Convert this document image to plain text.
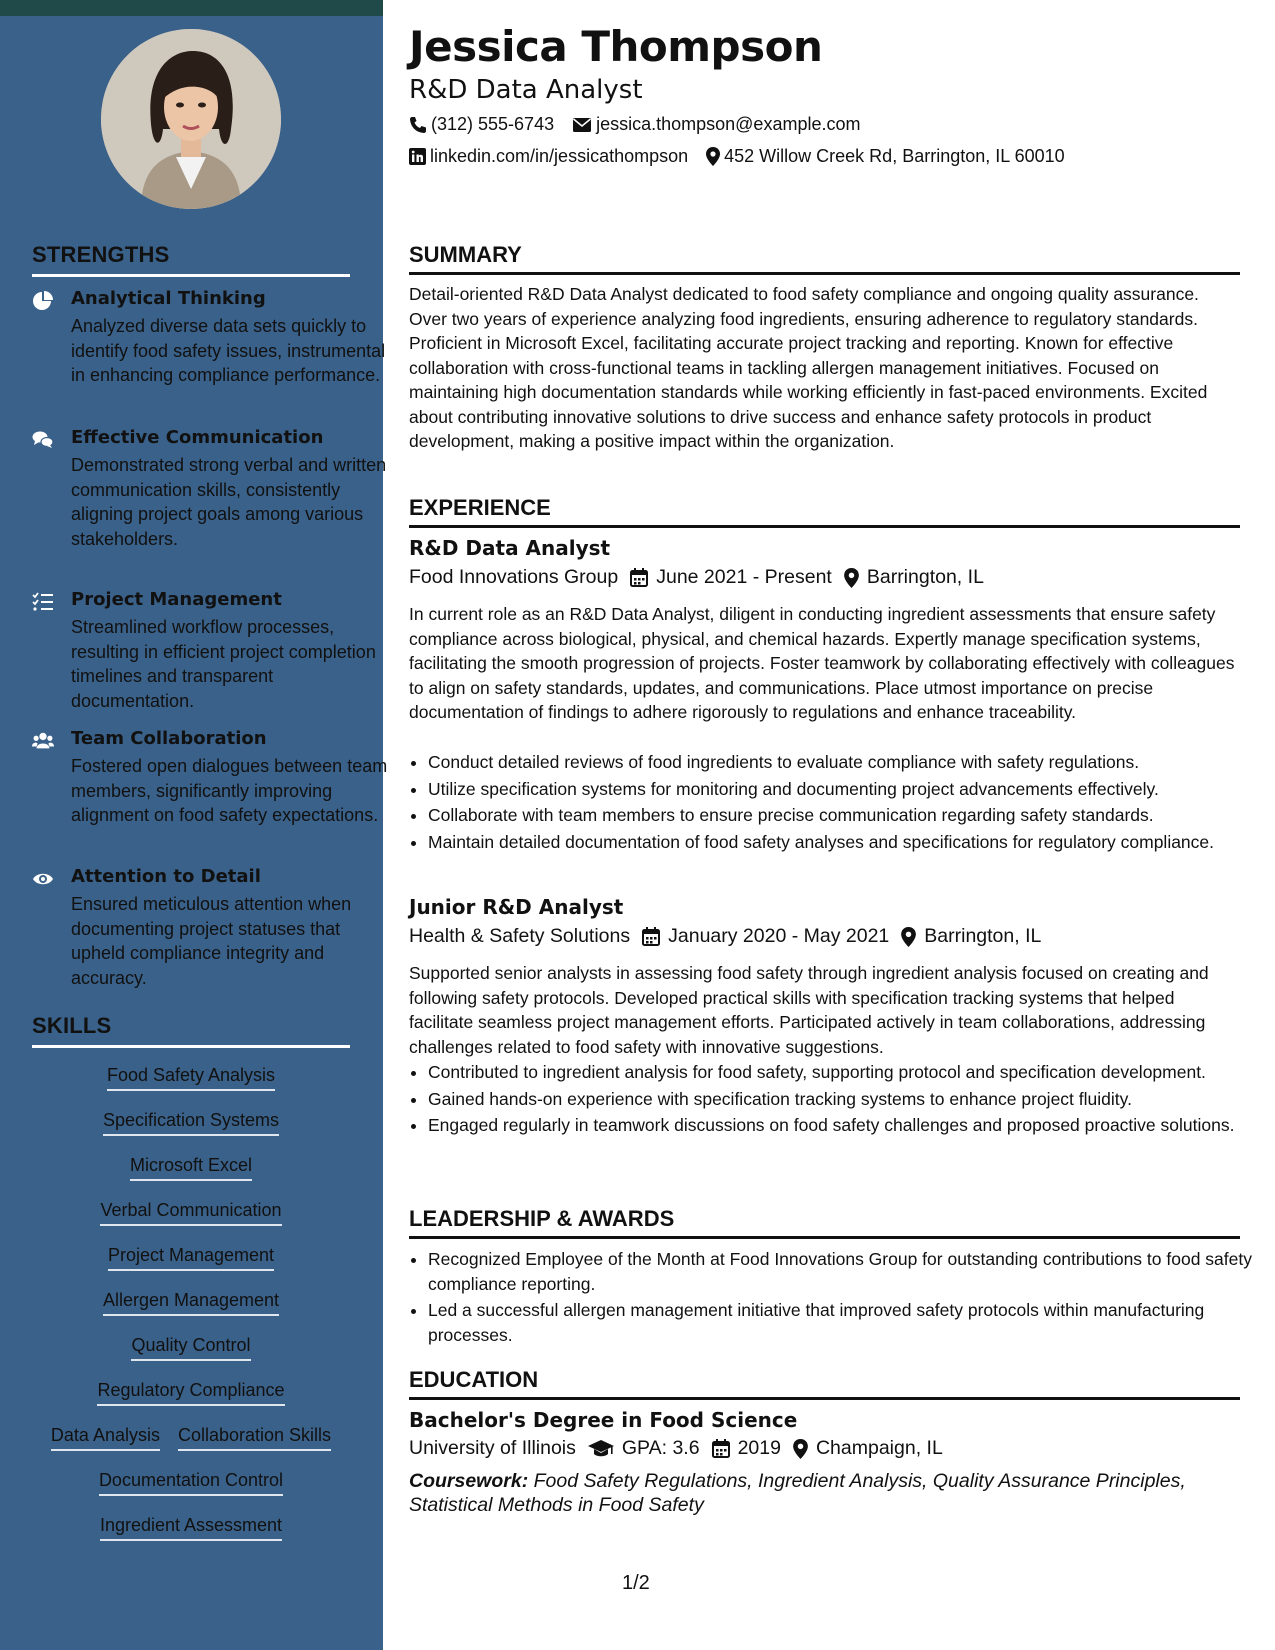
STRENGTHS
Analytical Thinking
Analyzed diverse data sets quickly to identify food safety issues, instrumental in enhancing compliance performance.
Effective Communication
Demonstrated strong verbal and written communication skills, consistently aligning project goals among various stakeholders.
Project Management
Streamlined workflow processes, resulting in efficient project completion timelines and transparent documentation.
Team Collaboration
Fostered open dialogues between team members, significantly improving alignment on food safety expectations.
Attention to Detail
Ensured meticulous attention when documenting project statuses that upheld compliance integrity and accuracy.
SKILLS
Food Safety Analysis
Specification Systems
Microsoft Excel
Verbal Communication
Project Management
Allergen Management
Quality Control
Regulatory Compliance
Data Analysis Collaboration Skills
Documentation Control
Ingredient Assessment
Jessica Thompson
R&D Data Analyst
(312) 555-6743 jessica.thompson@example.com
linkedin.com/in/jessicathompson 452 Willow Creek Rd, Barrington, IL 60010
SUMMARY
Detail-oriented R&D Data Analyst dedicated to food safety compliance and ongoing quality assurance. Over two years of experience analyzing food ingredients, ensuring adherence to regulatory standards. Proficient in Microsoft Excel, facilitating accurate project tracking and reporting. Known for effective collaboration with cross-functional teams in tackling allergen management initiatives. Focused on maintaining high documentation standards while working efficiently in fast-paced environments. Excited about contributing innovative solutions to drive success and enhance safety protocols in product development, making a positive impact within the organization.
EXPERIENCE
R&D Data Analyst
Food Innovations Group June 2021 - Present Barrington, IL
In current role as an R&D Data Analyst, diligent in conducting ingredient assessments that ensure safety compliance across biological, physical, and chemical hazards. Expertly manage specification systems, facilitating the smooth progression of projects. Foster teamwork by collaborating effectively with colleagues to align on safety standards, updates, and communications. Place utmost importance on precise documentation of findings to adhere rigorously to regulations and enhance traceability.
• Conduct detailed reviews of food ingredients to evaluate compliance with safety regulations.
• Utilize specification systems for monitoring and documenting project advancements effectively.
• Collaborate with team members to ensure precise communication regarding safety standards.
• Maintain detailed documentation of food safety analyses and specifications for regulatory compliance.
Junior R&D Analyst
Health & Safety Solutions January 2020 - May 2021 Barrington, IL
Supported senior analysts in assessing food safety through ingredient analysis focused on creating and following safety protocols. Developed practical skills with specification tracking systems that helped facilitate seamless project management efforts. Participated actively in team collaborations, addressing challenges related to food safety with innovative suggestions.
• Contributed to ingredient analysis for food safety, supporting protocol and specification development.
• Gained hands-on experience with specification tracking systems to enhance project fluidity.
• Engaged regularly in teamwork discussions on food safety challenges and proposed proactive solutions.
LEADERSHIP & AWARDS
• Recognized Employee of the Month at Food Innovations Group for outstanding contributions to food safety compliance reporting.
• Led a successful allergen management initiative that improved safety protocols within manufacturing processes.
EDUCATION
Bachelor's Degree in Food Science
University of Illinois GPA: 3.6 2019 Champaign, IL
Coursework: Food Safety Regulations, Ingredient Analysis, Quality Assurance Principles, Statistical Methods in Food Safety
1/2
